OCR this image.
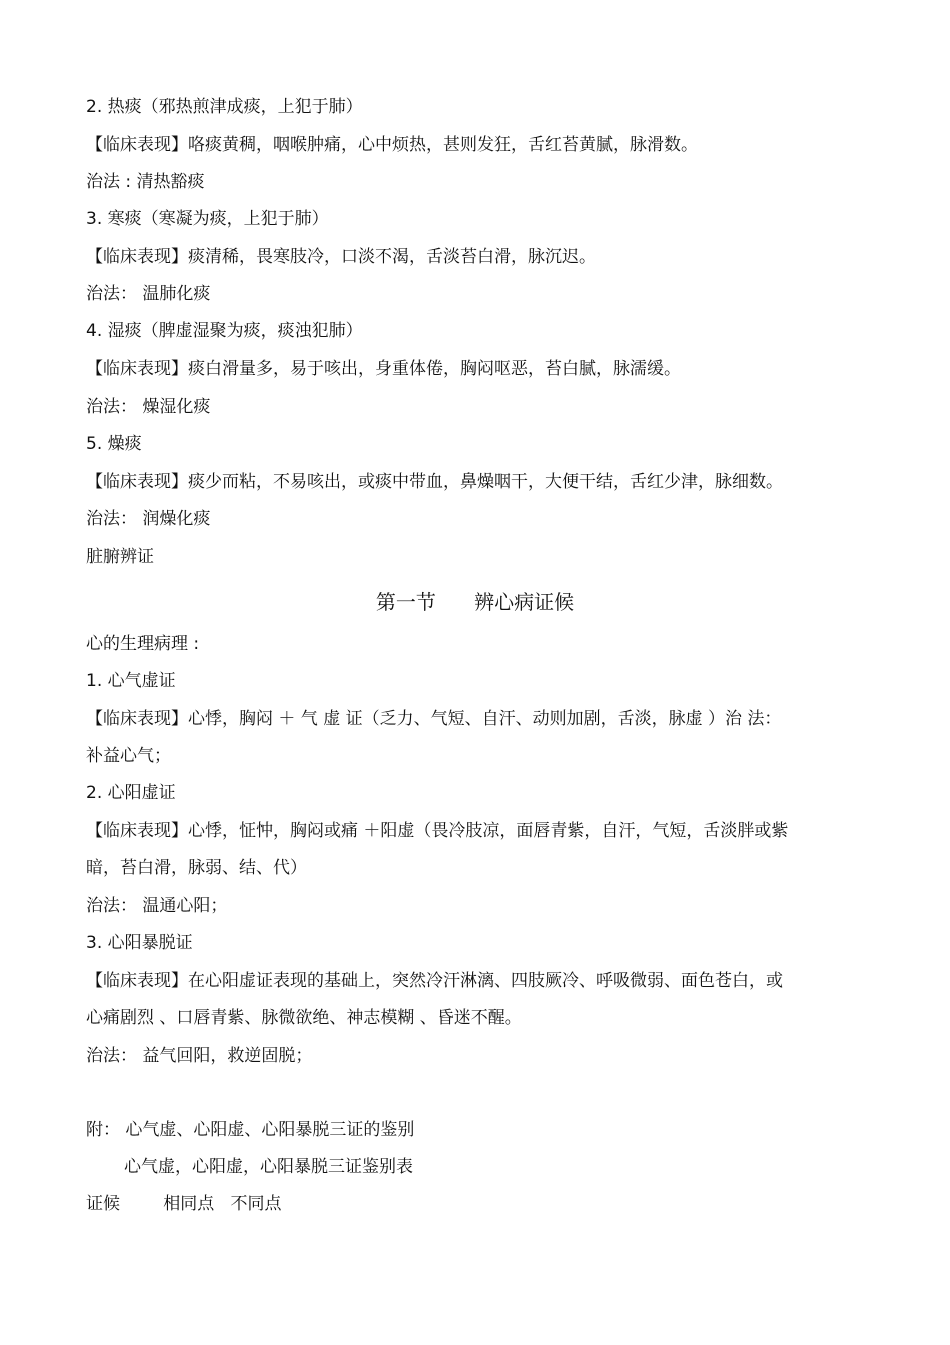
2. 热痰（邪热煎津成痰，上犯于肺）
【临床表现】咯痰黄稠，咽喉肿痛，心中烦热，甚则发狂，舌红苔黄腻，脉滑数。
治法 : 清热豁痰
3. 寒痰（寒凝为痰，上犯于肺）
【临床表现】痰清稀，畏寒肢冷，口淡不渴，舌淡苔白滑，脉沉迟。
治法： 温肺化痰
4. 湿痰（脾虚湿聚为痰，痰浊犯肺）
【临床表现】痰白滑量多，易于咳出，身重体倦，胸闷呕恶，苔白腻，脉濡缓。
治法： 燥湿化痰
5. 燥痰
【临床表现】痰少而粘，不易咳出，或痰中带血，鼻燥咽干，大便干结，舌红少津，脉细数。
治法： 润燥化痰
脏腑辨证
第一节      辨心病证候
心的生理病理 :
1. 心气虚证
【临床表现】心悸，胸闷 ＋ 气 虚 证（乏力、气短、自汗、动则加剧，舌淡，脉虚 ）治 法：
补益心气；
2. 心阳虚证
【临床表现】心悸，怔忡，胸闷或痛 ＋阳虚（畏冷肢凉，面唇青紫，自汗，气短，舌淡胖或紫
暗，苔白滑，脉弱、结、代）
治法： 温通心阳；
3. 心阳暴脱证
【临床表现】在心阳虚证表现的基础上，突然冷汗淋漓、四肢厥冷、呼吸微弱、面色苍白，或
心痛剧烈 、口唇青紫、脉微欲绝、神志模糊 、昏迷不醒。
治法： 益气回阳，救逆固脱；
附： 心气虚、心阳虚、心阳暴脱三证的鉴别
心气虚，心阳虚，心阳暴脱三证鉴别表
证候        相同点   不同点
